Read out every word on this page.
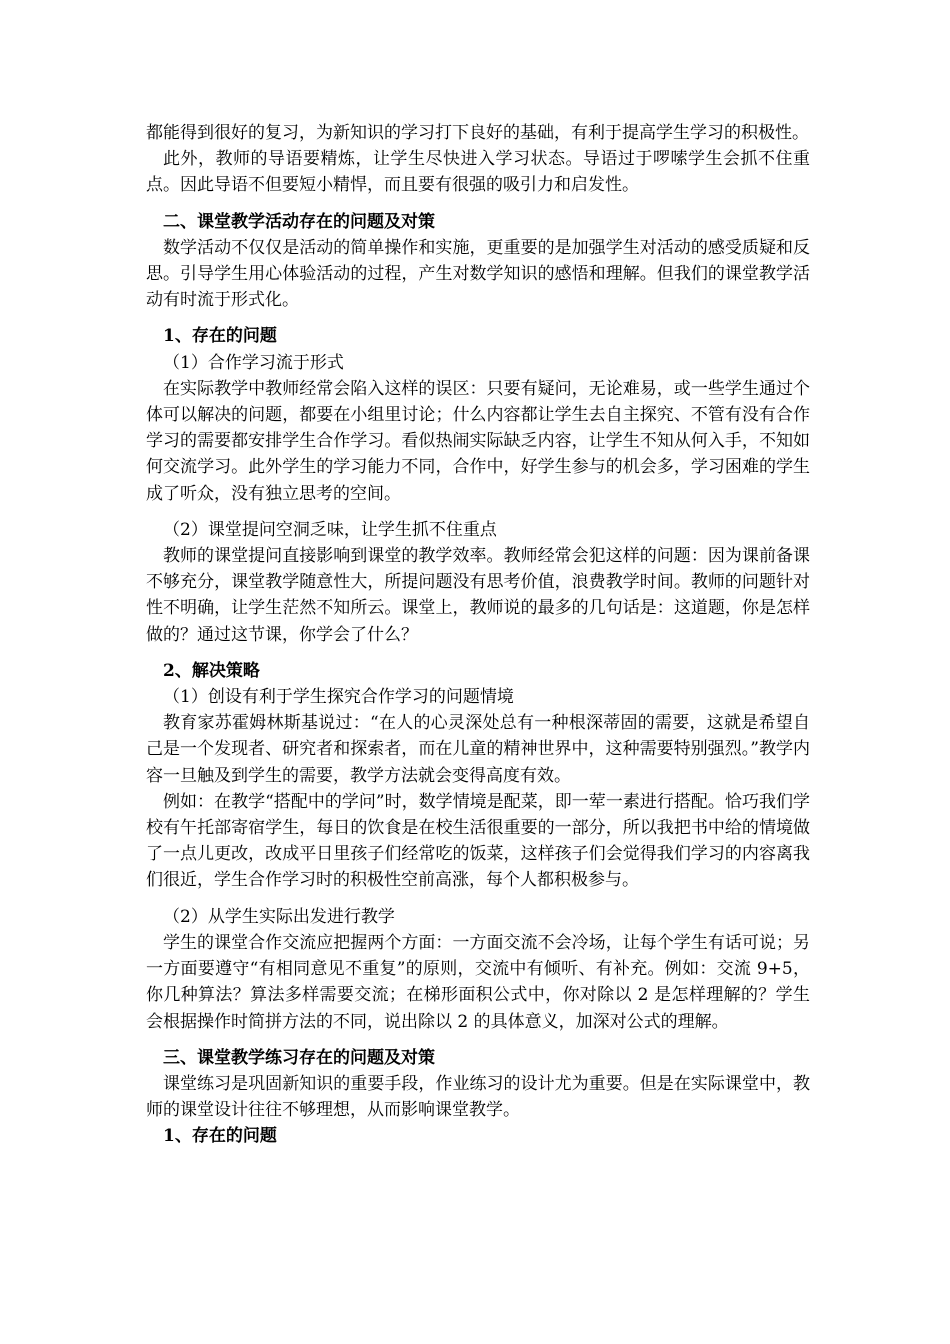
都能得到很好的复习，为新知识的学习打下良好的基础，有利于提高学生学习的积极性。

此外，教师的导语要精炼，让学生尽快进入学习状态。导语过于啰嗦学生会抓不住重点。因此导语不但要短小精悍，而且要有很强的吸引力和启发性。

二、课堂教学活动存在的问题及对策

数学活动不仅仅是活动的简单操作和实施，更重要的是加强学生对活动的感受质疑和反思。引导学生用心体验活动的过程，产生对数学知识的感悟和理解。但我们的课堂教学活动有时流于形式化。

1、存在的问题

（1）合作学习流于形式

在实际教学中教师经常会陷入这样的误区：只要有疑问，无论难易，或一些学生通过个体可以解决的问题，都要在小组里讨论；什么内容都让学生去自主探究、不管有没有合作学习的需要都安排学生合作学习。看似热闹实际缺乏内容，让学生不知从何入手，不知如何交流学习。此外学生的学习能力不同，合作中，好学生参与的机会多，学习困难的学生成了听众，没有独立思考的空间。

（2）课堂提问空洞乏味，让学生抓不住重点

教师的课堂提问直接影响到课堂的教学效率。教师经常会犯这样的问题：因为课前备课不够充分，课堂教学随意性大，所提问题没有思考价值，浪费教学时间。教师的问题针对性不明确，让学生茫然不知所云。课堂上，教师说的最多的几句话是：这道题，你是怎样做的？通过这节课，你学会了什么？

2、解决策略

（1）创设有利于学生探究合作学习的问题情境

教育家苏霍姆林斯基说过：“在人的心灵深处总有一种根深蒂固的需要，这就是希望自己是一个发现者、研究者和探索者，而在儿童的精神世界中，这种需要特别强烈。”教学内容一旦触及到学生的需要，教学方法就会变得高度有效。

例如：在教学“搭配中的学问”时，数学情境是配菜，即一荤一素进行搭配。恰巧我们学校有午托部寄宿学生，每日的饮食是在校生活很重要的一部分，所以我把书中给的情境做了一点儿更改，改成平日里孩子们经常吃的饭菜，这样孩子们会觉得我们学习的内容离我们很近，学生合作学习时的积极性空前高涨，每个人都积极参与。

（2）从学生实际出发进行教学

学生的课堂合作交流应把握两个方面：一方面交流不会冷场，让每个学生有话可说；另一方面要遵守“有相同意见不重复”的原则，交流中有倾听、有补充。例如：交流 9+5，你几种算法？算法多样需要交流；在梯形面积公式中，你对除以 2 是怎样理解的？学生会根据操作时简拼方法的不同，说出除以 2 的具体意义，加深对公式的理解。

三、课堂教学练习存在的问题及对策

课堂练习是巩固新知识的重要手段，作业练习的设计尤为重要。但是在实际课堂中，教师的课堂设计往往不够理想，从而影响课堂教学。

1、存在的问题
